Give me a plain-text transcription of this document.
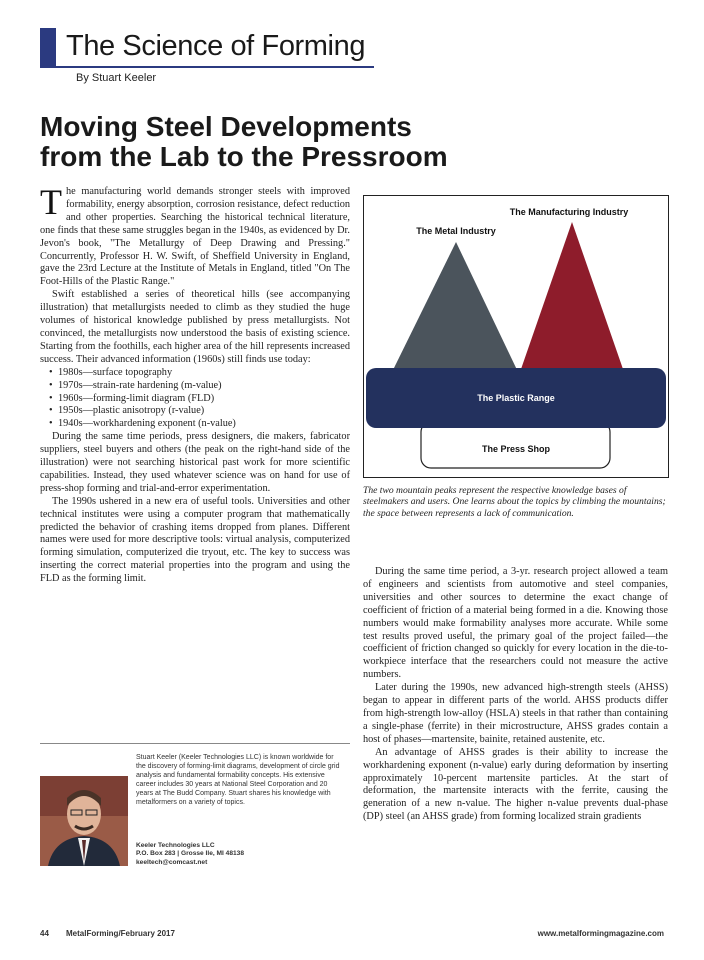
The Science of Forming
By Stuart Keeler
Moving Steel Developments
from the Lab to the Pressroom

The manufacturing world demands stronger steels with improved formability, energy absorption, corrosion resistance, defect reduction and other properties. Searching the historical technical literature, one finds that these same struggles began in the 1940s, as evidenced by Dr. Jevon's book, "The Metallurgy of Deep Drawing and Pressing." Concurrently, Professor H. W. Swift, of Sheffield University in England, gave the 23rd Lecture at the Institute of Metals in England, titled "On The Foot-Hills of the Plastic Range."

Swift established a series of theoretical hills (see accompanying illustration) that metallurgists needed to climb as they studied the huge volumes of historical knowledge published by press metallurgists. Not convinced, the metallurgists now understood the basis of existing science. Starting from the foothills, each higher area of the hill represents increased success. Their advanced information (1960s) still finds use today:

• 1980s—surface topography
• 1970s—strain-rate hardening (m-value)
• 1960s—forming-limit diagram (FLD)
• 1950s—plastic anisotropy (r-value)
• 1940s—workhardening exponent (n-value)

During the same time periods, press designers, die makers, fabricator suppliers, steel buyers and others (the peak on the right-hand side of the illustration) were not searching historical past work for more scientific capabilities. Instead, they used whatever science was on hand for use of press-shop forming and trial-and-error experimentation.

The 1990s ushered in a new era of useful tools. Universities and other technical institutes were using a computer program that mathematically predicted the behavior of crashing items dropped from planes. Different names were used for more descriptive tools: virtual analysis, computerized forming simulation, computerized die tryout, etc. The key to success was inserting the correct material properties into the program and using the FLD as the forming limit.

The Metal Industry
The Manufacturing Industry
The Plastic Range
The Press Shop

The two mountain peaks represent the respective knowledge bases of steelmakers and users. One learns about the topics by climbing the mountains; the space between represents a lack of communication.

During the same time period, a 3-yr. research project allowed a team of engineers and scientists from automotive and steel companies, universities and other sources to determine the exact change of coefficient of friction of a material being formed in a die. Knowing those numbers would make formability analyses more accurate. While some test results proved useful, the primary goal of the project failed—the coefficient of friction changed so quickly for every location in the die-to-workpiece interface that the researchers could not measure the active numbers.

Later during the 1990s, new advanced high-strength steels (AHSS) began to appear in different parts of the world. AHSS products differ from high-strength low-alloy (HSLA) steels in that rather than containing a single-phase (ferrite) in their microstructure, AHSS grades contain a host of phases—martensite, bainite, retained austenite, etc.

An advantage of AHSS grades is their ability to increase the workhardening exponent (n-value) early during deformation by inserting approximately 10-percent martensite particles. At the start of deformation, the martensite interacts with the ferrite, causing the generation of a new n-value. The higher n-value prevents dual-phase (DP) steel (an AHSS grade) from forming localized strain gradients

Stuart Keeler (Keeler Technologies LLC) is known worldwide for the discovery of forming-limit diagrams, development of circle grid analysis and fundamental formability concepts. His extensive career includes 30 years at National Steel Corporation and 20 years at The Budd Company. Stuart shares his knowledge with metalformers on a variety of topics.

Keeler Technologies LLC
P.O. Box 283 | Grosse Ile, MI 48138
keeltech@comcast.net

44 MetalForming/February 2017	www.metalformingmagazine.com
